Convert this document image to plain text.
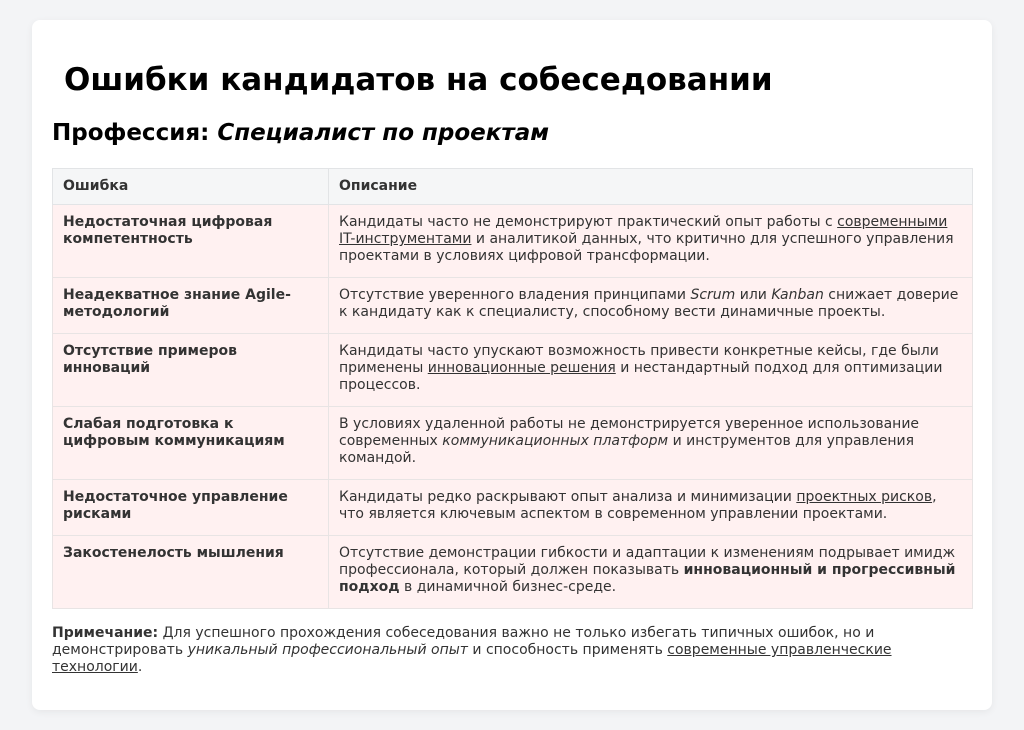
Ошибки кандидатов на собеседовании
Профессия: Специалист по проектам
Ошибка	Описание
Недостаточная цифровая компетентность	Кандидаты часто не демонстрируют практический опыт работы с современными IT-инструментами и аналитикой данных, что критично для успешного управления проектами в условиях цифровой трансформации.
Неадекватное знание Agile-методологий	Отсутствие уверенного владения принципами Scrum или Kanban снижает доверие к кандидату как к специалисту, способному вести динамичные проекты.
Отсутствие примеров инноваций	Кандидаты часто упускают возможность привести конкретные кейсы, где были применены инновационные решения и нестандартный подход для оптимизации процессов.
Слабая подготовка к цифровым коммуникациям	В условиях удаленной работы не демонстрируется уверенное использование современных коммуникационных платформ и инструментов для управления командой.
Недостаточное управление рисками	Кандидаты редко раскрывают опыт анализа и минимизации проектных рисков, что является ключевым аспектом в современном управлении проектами.
Закостенелость мышления	Отсутствие демонстрации гибкости и адаптации к изменениям подрывает имидж профессионала, который должен показывать инновационный и прогрессивный подход в динамичной бизнес-среде.

Примечание: Для успешного прохождения собеседования важно не только избегать типичных ошибок, но и демонстрировать уникальный профессиональный опыт и способность применять современные управленческие технологии.
